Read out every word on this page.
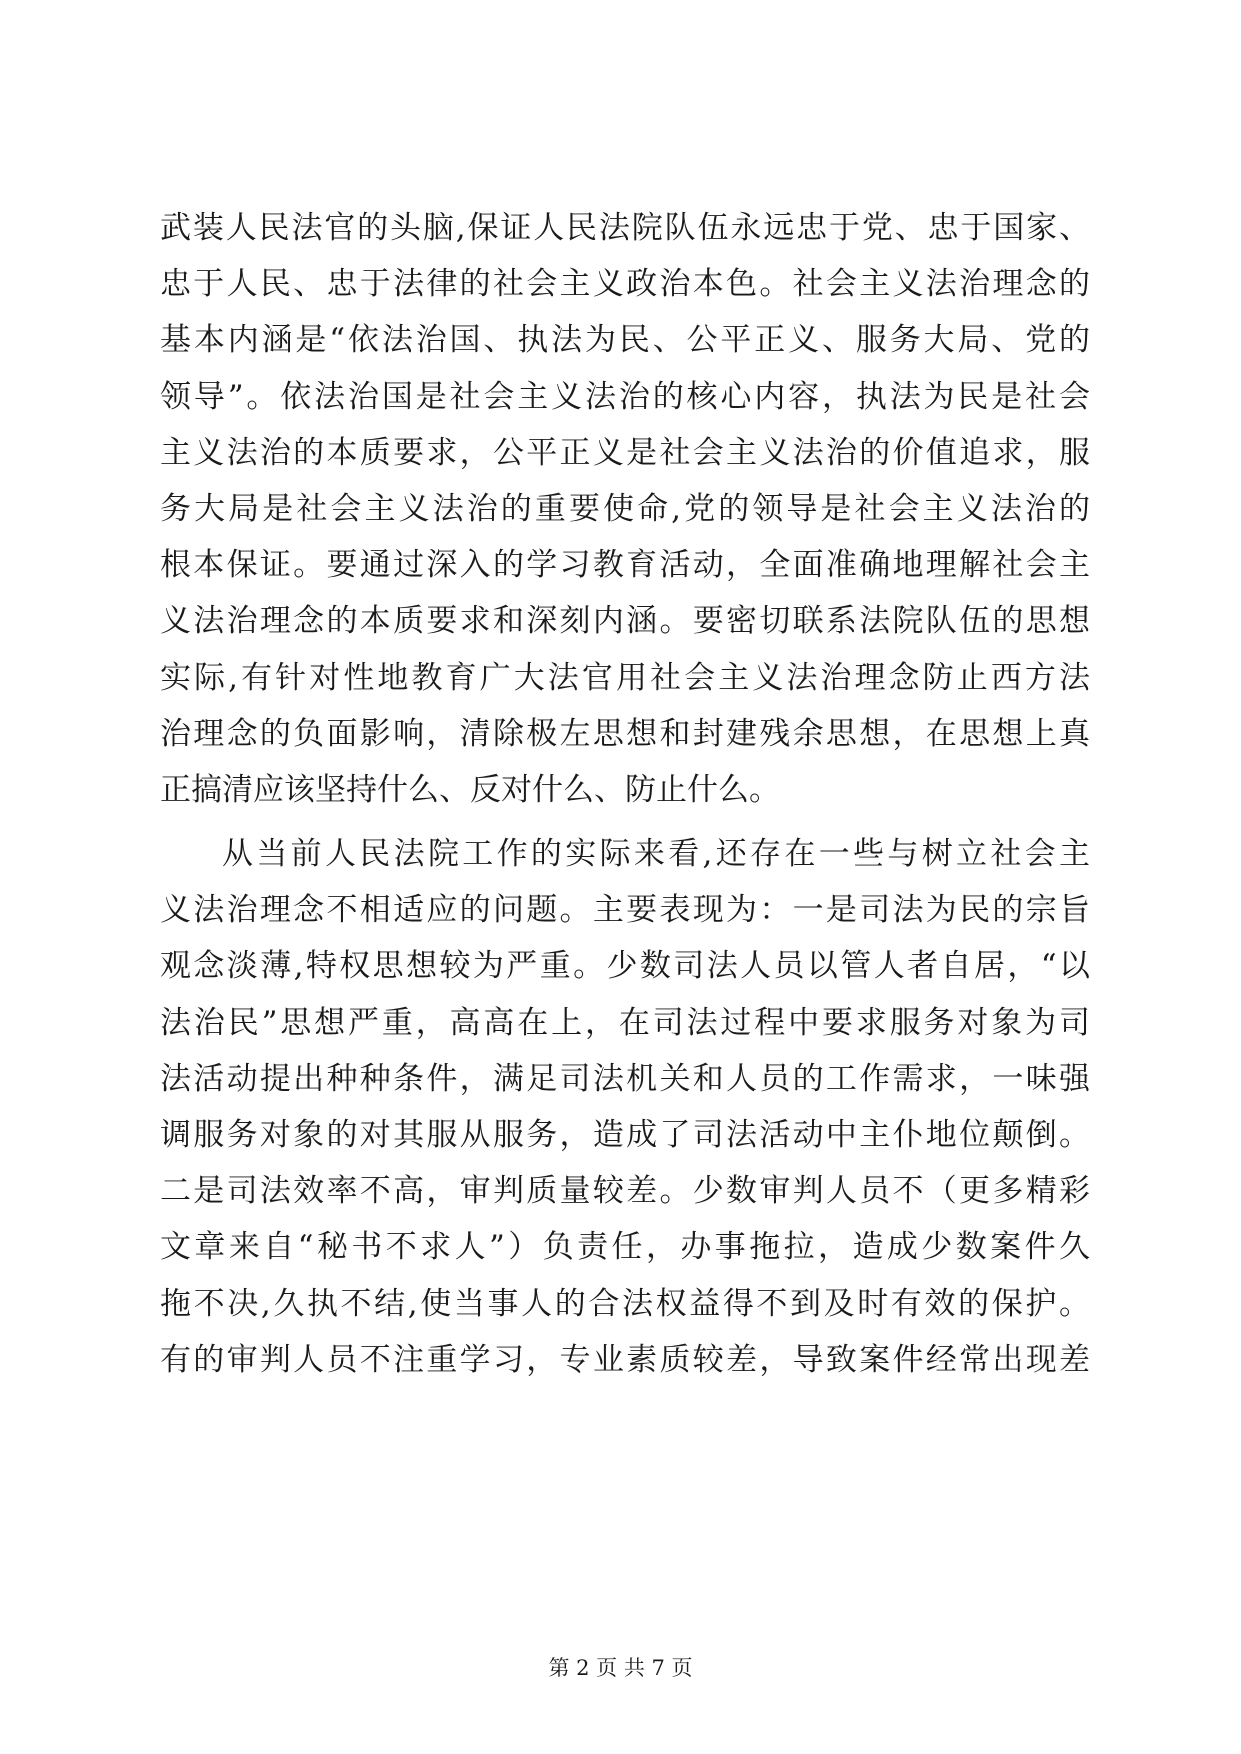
武装人民法官的头脑,保证人民法院队伍永远忠于党、忠于国家、
忠于人民、忠于法律的社会主义政治本色。社会主义法治理念的
基本内涵是“依法治国、执法为民、公平正义、服务大局、党的
领导”。依法治国是社会主义法治的核心内容，执法为民是社会
主义法治的本质要求，公平正义是社会主义法治的价值追求，服
务大局是社会主义法治的重要使命,党的领导是社会主义法治的
根本保证。要通过深入的学习教育活动，全面准确地理解社会主
义法治理念的本质要求和深刻内涵。要密切联系法院队伍的思想
实际,有针对性地教育广大法官用社会主义法治理念防止西方法
治理念的负面影响，清除极左思想和封建残余思想，在思想上真
正搞清应该坚持什么、反对什么、防止什么。
从当前人民法院工作的实际来看,还存在一些与树立社会主
义法治理念不相适应的问题。主要表现为：一是司法为民的宗旨
观念淡薄,特权思想较为严重。少数司法人员以管人者自居，“以
法治民”思想严重，高高在上，在司法过程中要求服务对象为司
法活动提出种种条件，满足司法机关和人员的工作需求，一味强
调服务对象的对其服从服务，造成了司法活动中主仆地位颠倒。
二是司法效率不高，审判质量较差。少数审判人员不（更多精彩
文章来自“秘书不求人”）负责任，办事拖拉，造成少数案件久
拖不决,久执不结,使当事人的合法权益得不到及时有效的保护。
有的审判人员不注重学习，专业素质较差，导致案件经常出现差
第 2 页 共 7 页
